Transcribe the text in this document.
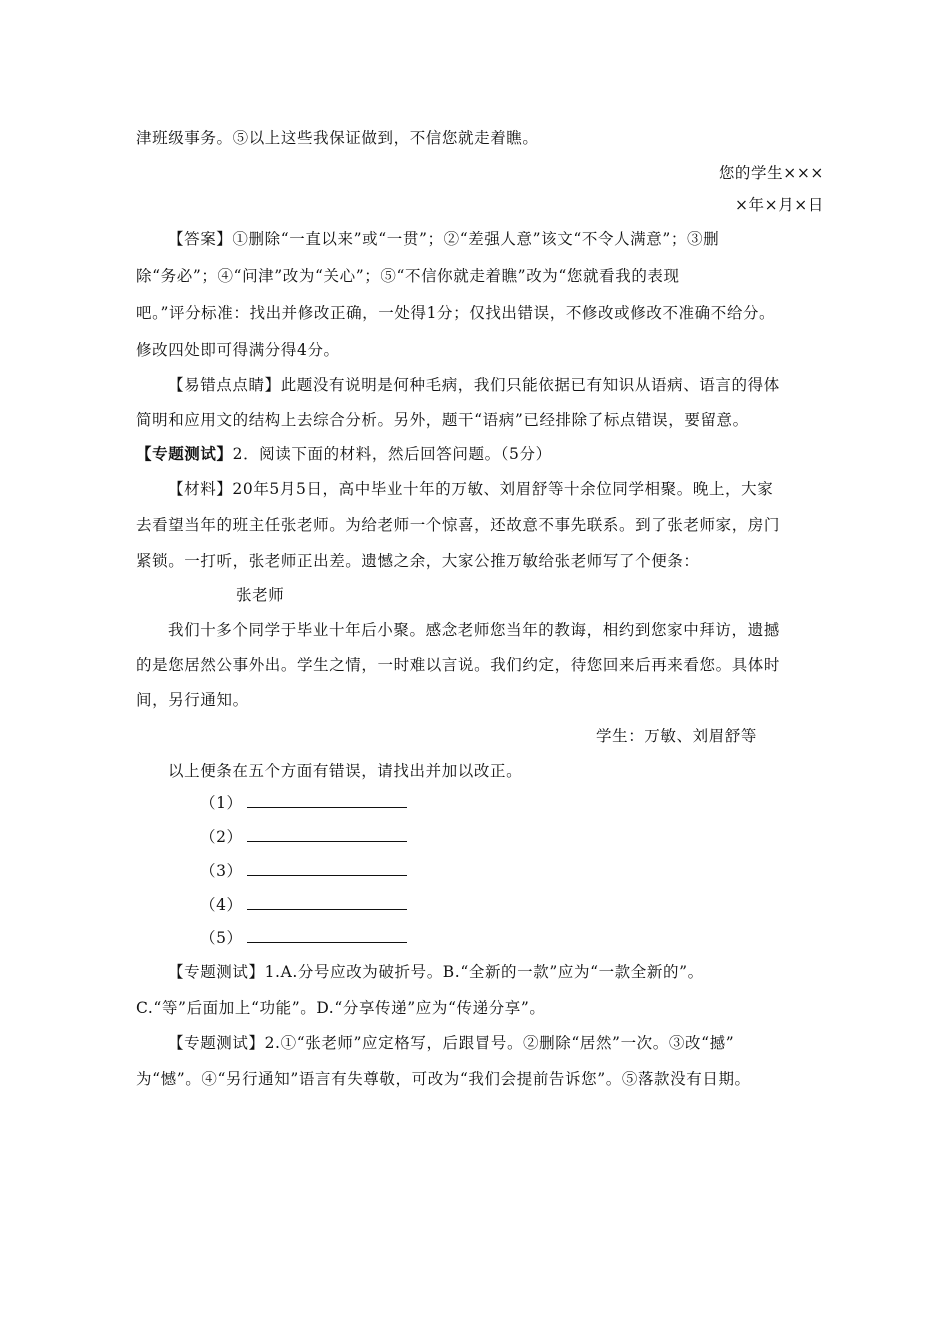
津班级事务。⑤以上这些我保证做到，不信您就走着瞧。
您的学生×××
×年×月×日
【答案】①删除“一直以来”或“一贯”；②“差强人意”该文“不令人满意”；③删
除“务必”；④“问津”改为“关心”；⑤“不信你就走着瞧”改为“您就看我的表现
吧。”评分标准：找出并修改正确，一处得1分；仅找出错误，不修改或修改不准确不给分。
修改四处即可得满分得4分。
【易错点点睛】此题没有说明是何种毛病，我们只能依据已有知识从语病、语言的得体
简明和应用文的结构上去综合分析。另外，题干“语病”已经排除了标点错误，要留意。
【专题测试】2．阅读下面的材料，然后回答问题。（5分）
【材料】20年5月5日，高中毕业十年的万敏、刘眉舒等十余位同学相聚。晚上，大家
去看望当年的班主任张老师。为给老师一个惊喜，还故意不事先联系。到了张老师家，房门
紧锁。一打听，张老师正出差。遗憾之余，大家公推万敏给张老师写了个便条：
张老师
我们十多个同学于毕业十年后小聚。感念老师您当年的教诲，相约到您家中拜访，遗撼
的是您居然公事外出。学生之情，一时难以言说。我们约定，待您回来后再来看您。具体时
间，另行通知。
学生：万敏、刘眉舒等
以上便条在五个方面有错误，请找出并加以改正。
（1）
（2）
（3）
（4）
（5）
【专题测试】1.A.分号应改为破折号。B.“全新的一款”应为“一款全新的”。
C.“等”后面加上“功能”。D.“分享传递”应为“传递分享”。
【专题测试】2.①“张老师”应定格写，后跟冒号。②删除“居然”一次。③改“撼”
为“憾”。④“另行通知”语言有失尊敬，可改为“我们会提前告诉您”。⑤落款没有日期。
